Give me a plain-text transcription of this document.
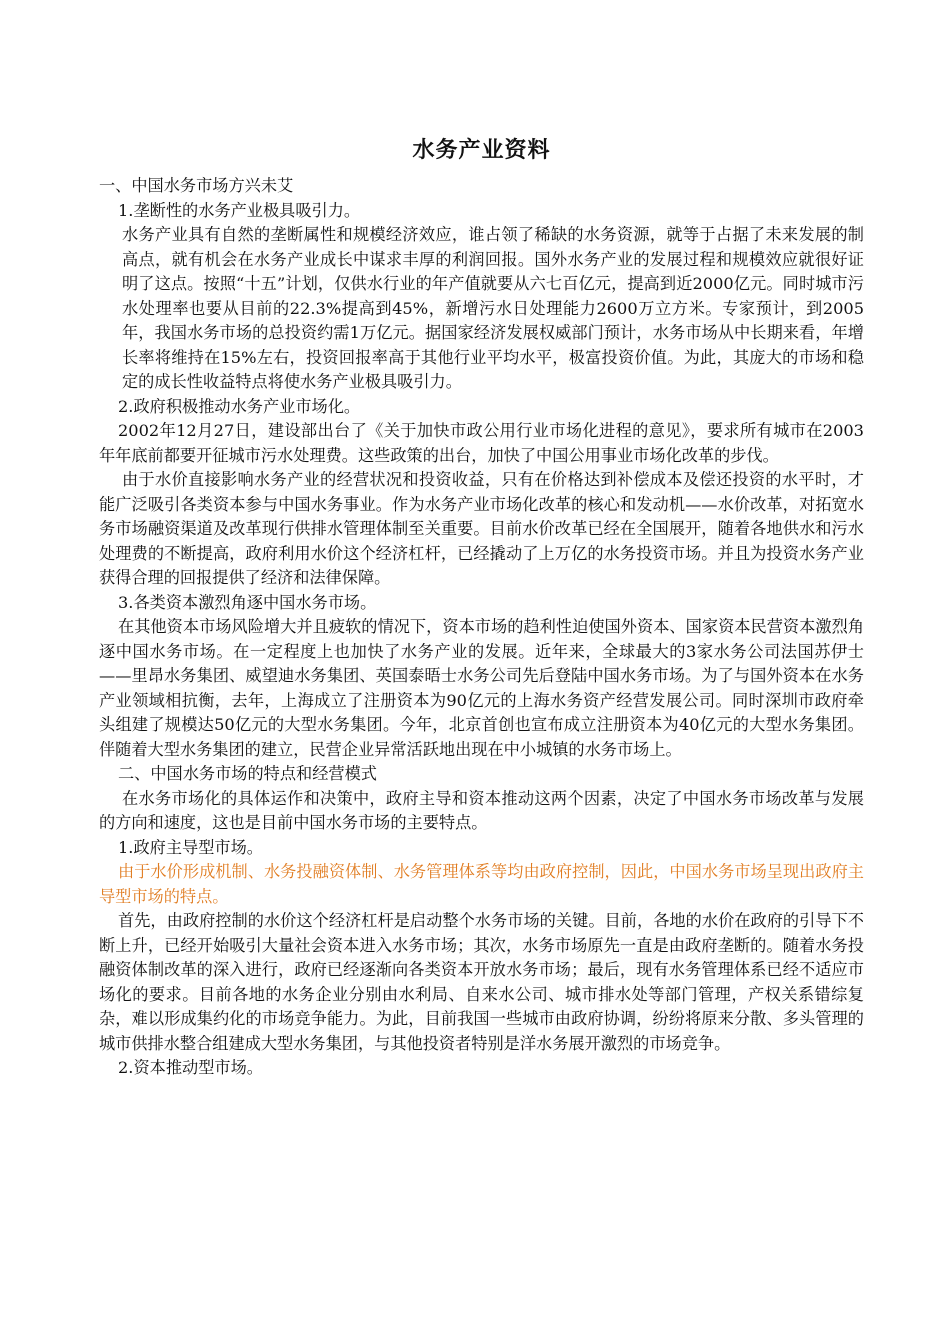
水务产业资料

一、中国水务市场方兴未艾

1.垄断性的水务产业极具吸引力。

水务产业具有自然的垄断属性和规模经济效应，谁占领了稀缺的水务资源，就等于占据了未来发展的制高点，就有机会在水务产业成长中谋求丰厚的利润回报。国外水务产业的发展过程和规模效应就很好证明了这点。按照“十五”计划，仅供水行业的年产值就要从六七百亿元，提高到近2000亿元。同时城市污水处理率也要从目前的22.3%提高到45%，新增污水日处理能力2600万立方米。专家预计，到2005年，我国水务市场的总投资约需1万亿元。据国家经济发展权威部门预计，水务市场从中长期来看，年增长率将维持在15%左右，投资回报率高于其他行业平均水平，极富投资价值。为此，其庞大的市场和稳定的成长性收益特点将使水务产业极具吸引力。

2.政府积极推动水务产业市场化。

2002年12月27日，建设部出台了《关于加快市政公用行业市场化进程的意见》，要求所有城市在2003年年底前都要开征城市污水处理费。这些政策的出台，加快了中国公用事业市场化改革的步伐。

由于水价直接影响水务产业的经营状况和投资收益，只有在价格达到补偿成本及偿还投资的水平时，才能广泛吸引各类资本参与中国水务事业。作为水务产业市场化改革的核心和发动机——水价改革，对拓宽水务市场融资渠道及改革现行供排水管理体制至关重要。目前水价改革已经在全国展开，随着各地供水和污水处理费的不断提高，政府利用水价这个经济杠杆，已经撬动了上万亿的水务投资市场。并且为投资水务产业获得合理的回报提供了经济和法律保障。

3.各类资本激烈角逐中国水务市场。

在其他资本市场风险增大并且疲软的情况下，资本市场的趋利性迫使国外资本、国家资本民营资本激烈角逐中国水务市场。在一定程度上也加快了水务产业的发展。近年来，全球最大的3家水务公司法国苏伊士——里昂水务集团、威望迪水务集团、英国泰晤士水务公司先后登陆中国水务市场。为了与国外资本在水务产业领域相抗衡，去年，上海成立了注册资本为90亿元的上海水务资产经营发展公司。同时深圳市政府牵头组建了规模达50亿元的大型水务集团。今年，北京首创也宣布成立注册资本为40亿元的大型水务集团。伴随着大型水务集团的建立，民营企业异常活跃地出现在中小城镇的水务市场上。

二、中国水务市场的特点和经营模式

在水务市场化的具体运作和决策中，政府主导和资本推动这两个因素，决定了中国水务市场改革与发展的方向和速度，这也是目前中国水务市场的主要特点。

1.政府主导型市场。

由于水价形成机制、水务投融资体制、水务管理体系等均由政府控制，因此，中国水务市场呈现出政府主导型市场的特点。

首先，由政府控制的水价这个经济杠杆是启动整个水务市场的关键。目前，各地的水价在政府的引导下不断上升，已经开始吸引大量社会资本进入水务市场；其次，水务市场原先一直是由政府垄断的。随着水务投融资体制改革的深入进行，政府已经逐渐向各类资本开放水务市场；最后，现有水务管理体系已经不适应市场化的要求。目前各地的水务企业分别由水利局、自来水公司、城市排水处等部门管理，产权关系错综复杂，难以形成集约化的市场竞争能力。为此，目前我国一些城市由政府协调，纷纷将原来分散、多头管理的城市供排水整合组建成大型水务集团，与其他投资者特别是洋水务展开激烈的市场竞争。

2.资本推动型市场。
